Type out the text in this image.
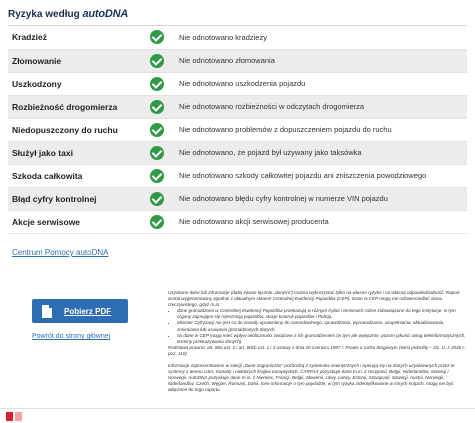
Ryzyka według autoDNA
Kradzież		Nie odnotowano kradzieży
Złomowanie		Nie odnotowano złomowania
Uszkodzony		Nie odnotowano uszkodzenia pojazdu
Rozbieżność drogomierza		Nie odnotowano rozbieżności w odczytach drogomierza
Niedopuszczony do ruchu		Nie odnotowano problemów z dopuszczeniem pojazdu do ruchu
Służył jako taxi		Nie odnotowano, że pojazd był używany jako taksówka
Szkoda całkowita		Nie odnotowano szkody całkowitej pojazdu ani zniszczenia powodziowego
Błąd cyfry kontrolnej		Nie odnotowano błędu cyfry kontrolnej w numerze VIN pojazdu
Akcje serwisowe		Nie odnotowano akcji serwisowej producenta
Centrum Pomocy autoDNA
Pobierz PDF
Powrót do strony głównej

Uzyskane dane lub informacje (dalej zwane łącznie „danymi”) można wykorzystać tylko na własne ryzyko i na własną odpowiedzialność. Raport został wygenerowany zgodnie z aktualnym stanem Centralnej Ewidencji Pojazdów (CEP). Dane w CEP mogą nie odzwierciedlać stanu rzeczywistego, gdyż m.in.:

• dane gromadzone w Centralnej Ewidencji Pojazdów przekazują w różnym trybie i terminach różne zobowiązane do tego instytucje; w tym organy zajmujące się rejestracją pojazdów, stacje kontroli pojazdów i Policja,
• Minister Cyfryzacji nie jest co do zasady uprawniony do samodzielnego, sprawdzania, wprowadzania, uzupełniania, aktualizowania, zmieniania lub usuwania gromadzonych danych,
• na dane w CEP mogą mieć wpływ okoliczności związane z ich gromadzeniem (w tym ale wyłącznie, pozom jakości usług teleinformatycznych, terminy przekazywania danych).

Podstawa prawna: art. 80a ust. 2 i art. 80cb ust. 1 i 3 ustawy z dnia 20 czerwca 1997 r. Prawo o ruchu drogowym (tekst jednolity – Dz. U. z 2020 r. poz. 110)

Informacje zaprezentowane w sekcji „Dane zagraniczne” pochodzą z systemów zewnętrznych i operują się na danych uzyskiwanych przez te systemy z terenu USA, Kanady i niektórych krajów europejskich. CARFAX pozyskuje dane m.in. z Hiszpanii, Belgii, Niderlandów, Szwecji i Norwegii. AutoDNA pozyskuje dane m.in. z Niemiec, Francji, Belgii, Słowenii, Litwy, Łotwy, Estonii, Szwajcarii, Szwecji, Austrii, Norwegii, Niderlandów, Czech, Węgier, Rumunii, Danii. Inne informacje o tym pojeździe, w tym ryzyka zidentyfikowane w innych krajach, mogą nie być włączone do tego raportu.
